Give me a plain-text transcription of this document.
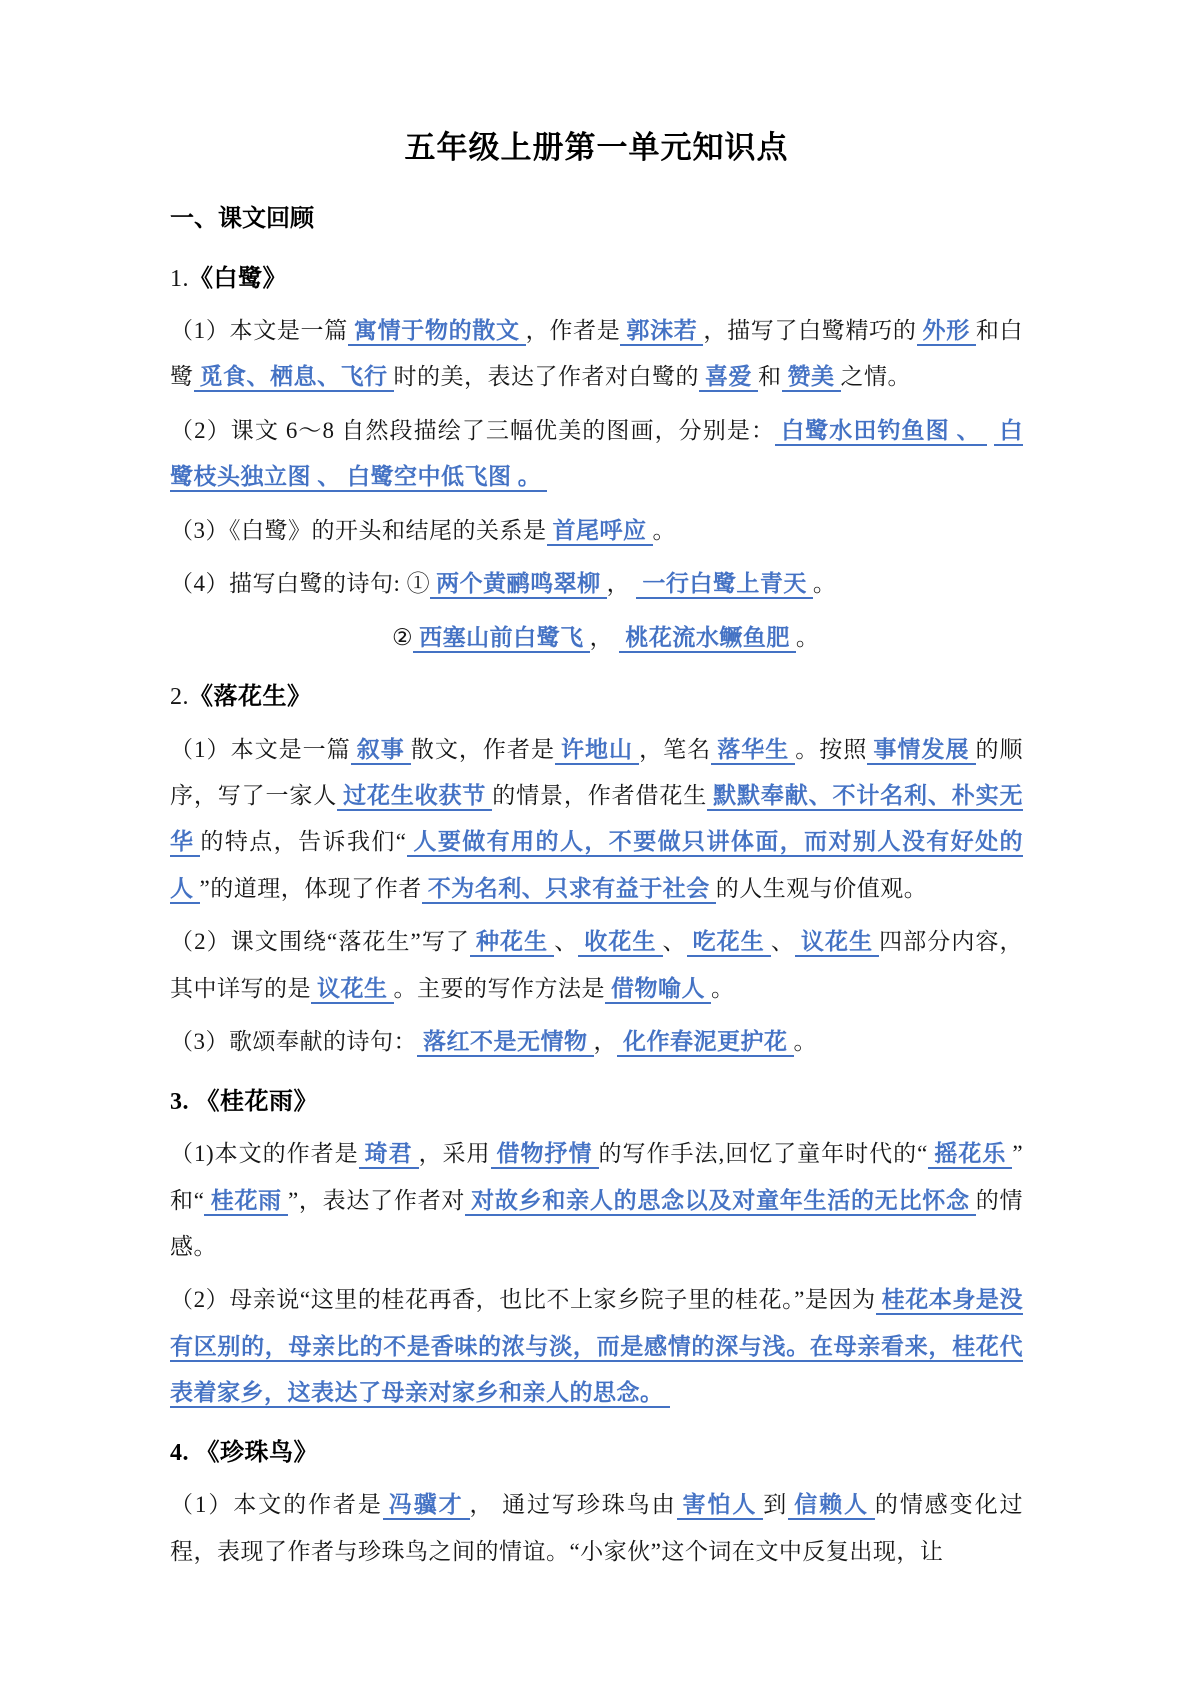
五年级上册第一单元知识点
一、课文回顾
1.《白鹭》
（1）本文是一篇 寓情于物的散文 ，作者是 郭沫若 ，描写了白鹭精巧的 外形 和白鹭 觅食、栖息、飞行 时的美，表达了作者对白鹭的 喜爱 和 赞美 之情。
（2）课文 6～8 自然段描绘了三幅优美的图画，分别是： 白鹭水田钓鱼图 、 白鹭枝头独立图 、 白鹭空中低飞图 。
（3）《白鹭》的开头和结尾的关系是 首尾呼应 。
（4）描写白鹭的诗句: ① 两个黄鹂鸣翠柳 ， 一行白鹭上青天 。
② 西塞山前白鹭飞 ， 桃花流水鳜鱼肥 。
2.《落花生》
（1）本文是一篇 叙事 散文，作者是 许地山 ，笔名 落华生 。按照 事情发展 的顺序，写了一家人 过花生收获节 的情景，作者借花生 默默奉献、不计名利、朴实无华 的特点，告诉我们“ 人要做有用的人，不要做只讲体面，而对别人没有好处的人 ”的道理，体现了作者 不为名利、只求有益于社会 的人生观与价值观。
（2）课文围绕“落花生”写了 种花生 、 收花生 、 吃花生 、 议花生 四部分内容，其中详写的是 议花生 。主要的写作方法是 借物喻人 。
（3）歌颂奉献的诗句： 落红不是无情物 ， 化作春泥更护花 。
3. 《桂花雨》
（1)本文的作者是 琦君 ，采用 借物抒情 的写作手法,回忆了童年时代的“ 摇花乐 ”和“ 桂花雨 ”，表达了作者对 对故乡和亲人的思念以及对童年生活的无比怀念 的情感。
（2）母亲说“这里的桂花再香，也比不上家乡院子里的桂花。”是因为 桂花本身是没有区别的，母亲比的不是香味的浓与淡，而是感情的深与浅。在母亲看来，桂花代表着家乡，这表达了母亲对家乡和亲人的思念。
4. 《珍珠鸟》
（1）本文的作者是 冯骥才 ， 通过写珍珠鸟由 害怕人 到 信赖人 的情感变化过程，表现了作者与珍珠鸟之间的情谊。“小家伙”这个词在文中反复出现，让
